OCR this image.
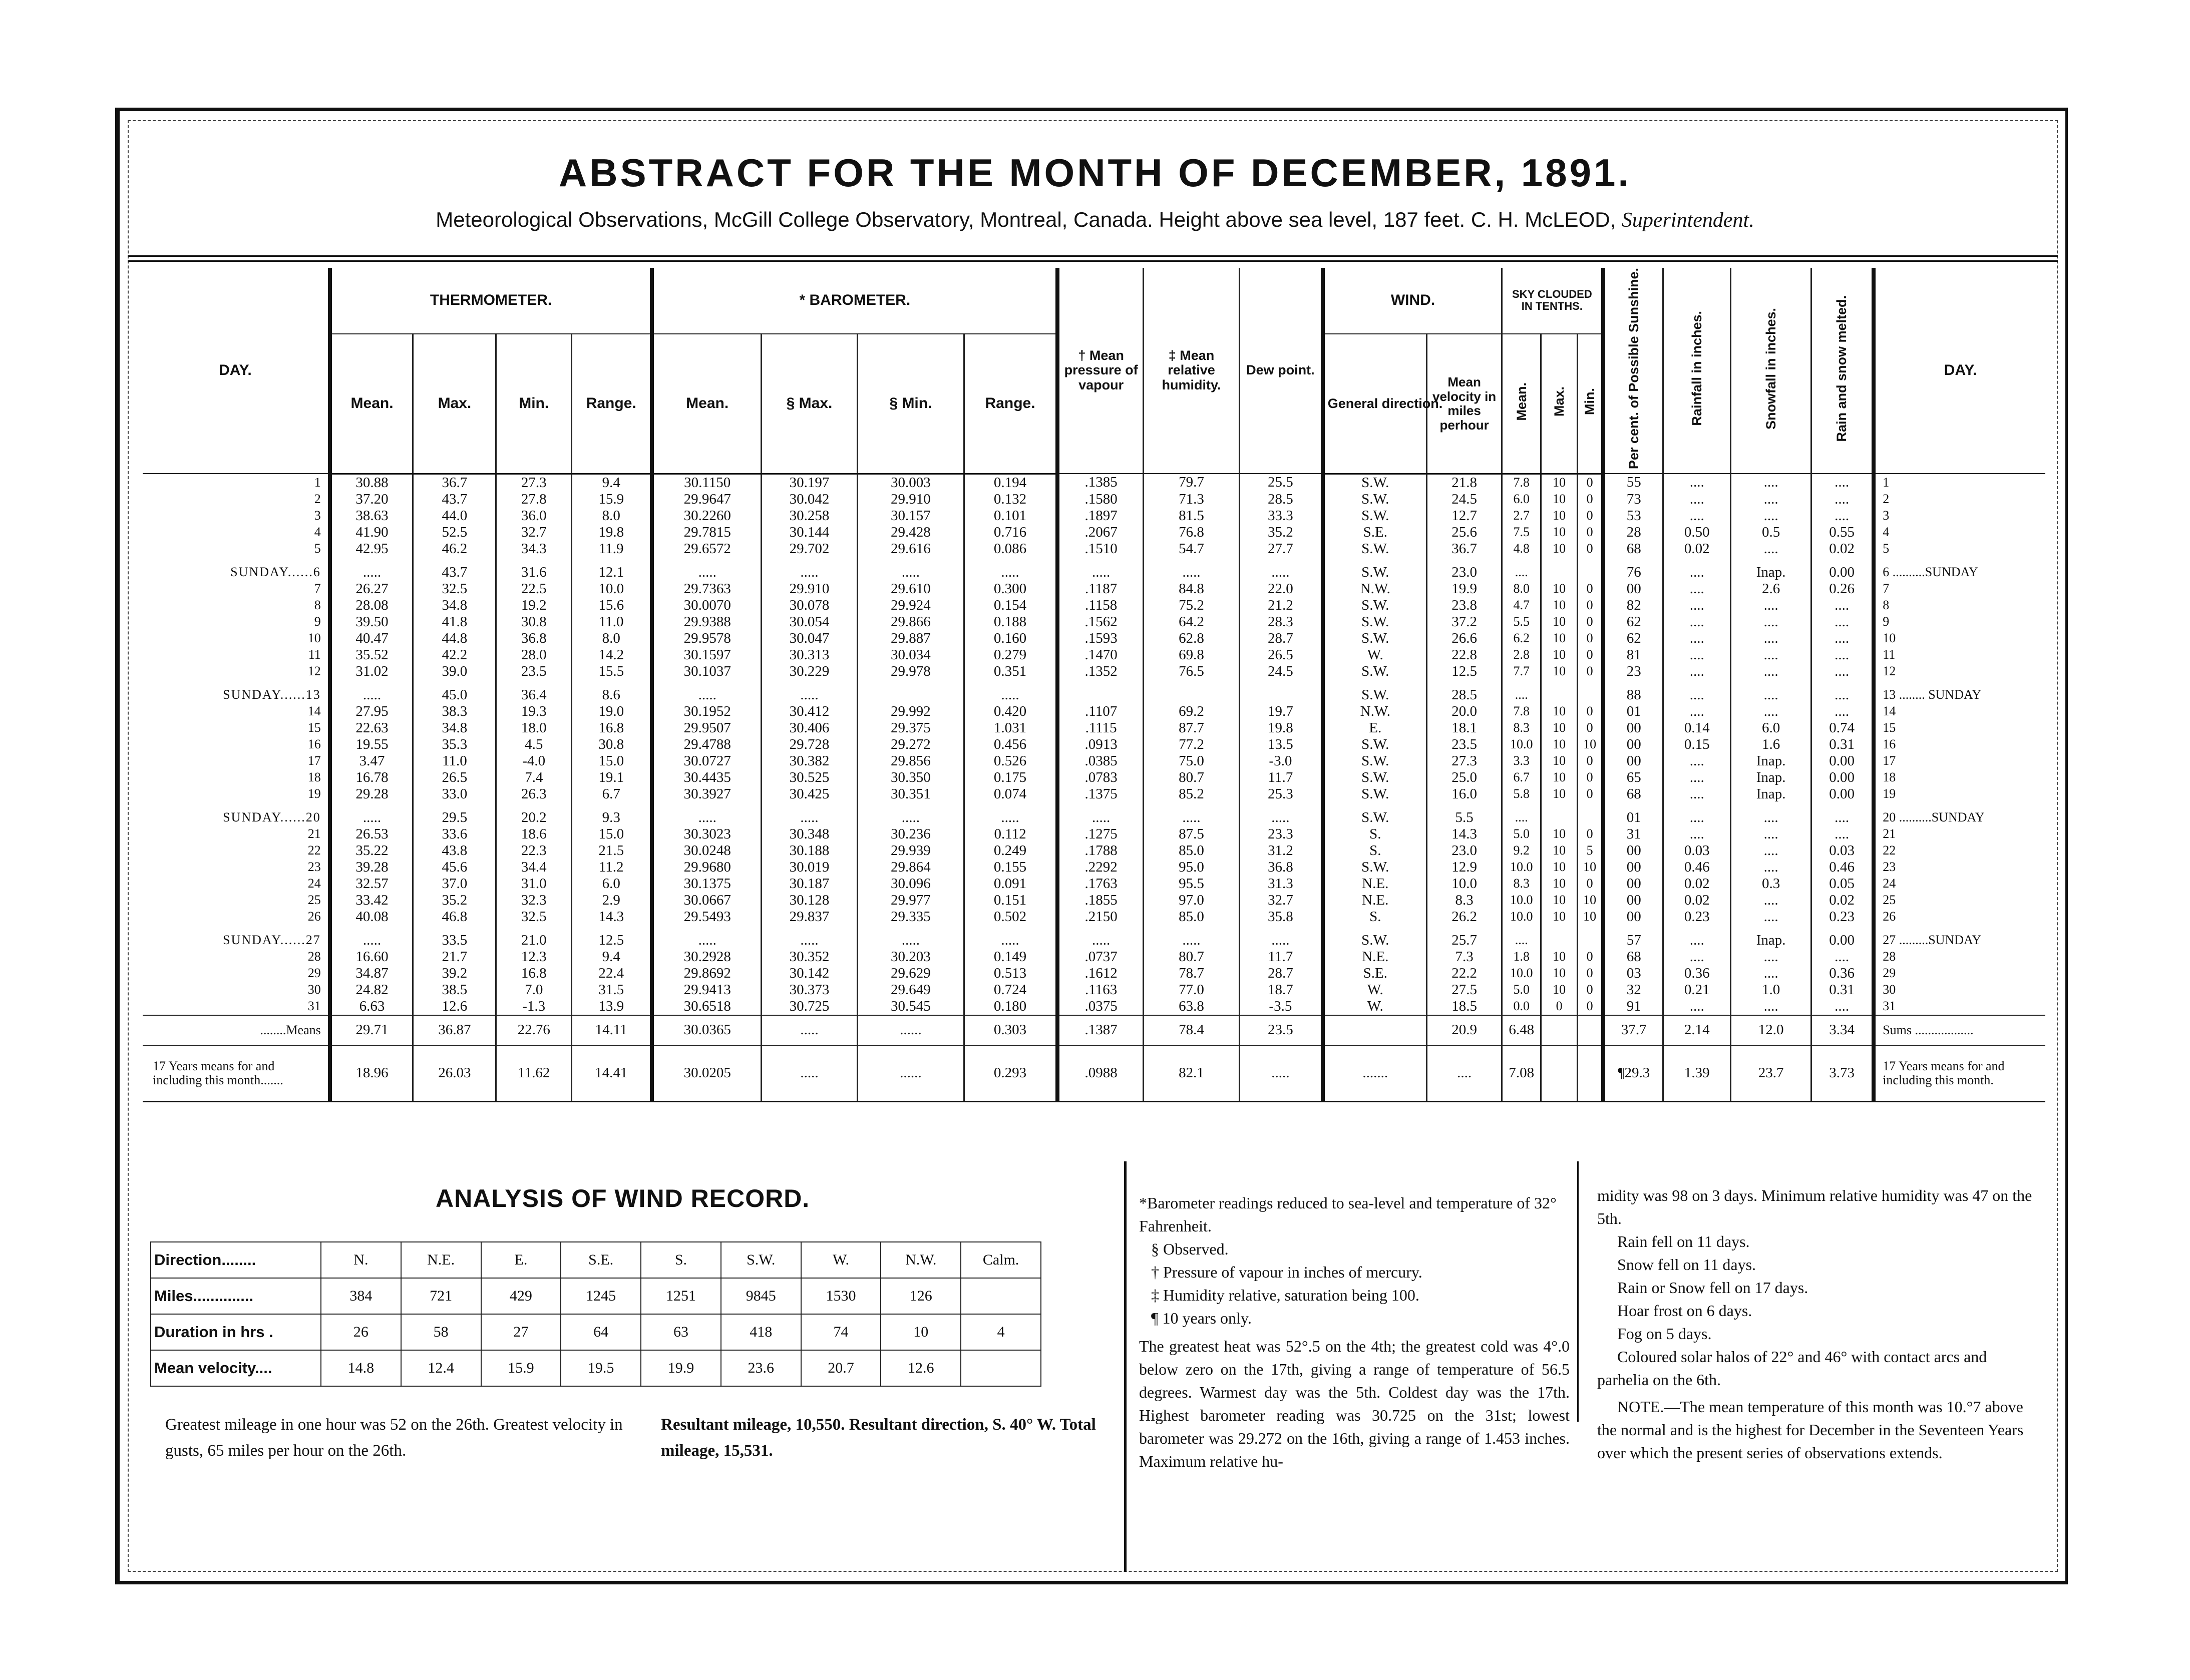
ABSTRACT FOR THE MONTH OF DECEMBER, 1891.
Meteorological Observations, McGill College Observatory, Montreal, Canada. Height above sea level, 187 feet. C. H. McLEOD, Superintendent.
DAY.	THERMOMETER.				* BAROMETER.				† Mean pressure of vapour	‡ Mean relative humidity.	Dew point.	WIND.		SKY CLOUDED IN TENTHS.			Per cent. of Possible Sunshine.	Rainfall in inches.	Snowfall in inches.	Rain and snow melted.	DAY.
	Mean.	Max.	Min.	Range.	Mean.	§ Max.	§ Min.	Range.				General direction.	Mean velocity in miles perhour	Mean.	Max.	Min.					
1	30.88	36.7	27.3	9.4	30.1150	30.197	30.003	0.194	.1385	79.7	25.5	S.W.	21.8	7.8	10	0	55	....	....	....	1
2	37.20	43.7	27.8	15.9	29.9647	30.042	29.910	0.132	.1580	71.3	28.5	S.W.	24.5	6.0	10	0	73	....	....	....	2
3	38.63	44.0	36.0	8.0	30.2260	30.258	30.157	0.101	.1897	81.5	33.3	S.W.	12.7	2.7	10	0	53	....	....	....	3
4	41.90	52.5	32.7	19.8	29.7815	30.144	29.428	0.716	.2067	76.8	35.2	S.E.	25.6	7.5	10	0	28	0.50	0.5	0.55	4
5	42.95	46.2	34.3	11.9	29.6572	29.702	29.616	0.086	.1510	54.7	27.7	S.W.	36.7	4.8	10	0	68	0.02	....	0.02	5

SUNDAY......6	.....	43.7	31.6	12.1	.....	.....	.....	.....	.....	.....	.....	S.W.	23.0	....			76	....	Inap.	0.00	6 ..........SUNDAY
7	26.27	32.5	22.5	10.0	29.7363	29.910	29.610	0.300	.1187	84.8	22.0	N.W.	19.9	8.0	10	0	00	....	2.6	0.26	7
8	28.08	34.8	19.2	15.6	30.0070	30.078	29.924	0.154	.1158	75.2	21.2	S.W.	23.8	4.7	10	0	82	....	....	....	8
9	39.50	41.8	30.8	11.0	29.9388	30.054	29.866	0.188	.1562	64.2	28.3	S.W.	37.2	5.5	10	0	62	....	....	....	9
10	40.47	44.8	36.8	8.0	29.9578	30.047	29.887	0.160	.1593	62.8	28.7	S.W.	26.6	6.2	10	0	62	....	....	....	10
11	35.52	42.2	28.0	14.2	30.1597	30.313	30.034	0.279	.1470	69.8	26.5	W.	22.8	2.8	10	0	81	....	....	....	11
12	31.02	39.0	23.5	15.5	30.1037	30.229	29.978	0.351	.1352	76.5	24.5	S.W.	12.5	7.7	10	0	23	....	....	....	12

SUNDAY......13	.....	45.0	36.4	8.6	.....	.....		.....				S.W.	28.5	....			88	....	....	....	13 ........ SUNDAY
14	27.95	38.3	19.3	19.0	30.1952	30.412	29.992	0.420	.1107	69.2	19.7	N.W.	20.0	7.8	10	0	01	....	....	....	14
15	22.63	34.8	18.0	16.8	29.9507	30.406	29.375	1.031	.1115	87.7	19.8	E.	18.1	8.3	10	0	00	0.14	6.0	0.74	15
16	19.55	35.3	4.5	30.8	29.4788	29.728	29.272	0.456	.0913	77.2	13.5	S.W.	23.5	10.0	10	10	00	0.15	1.6	0.31	16
17	3.47	11.0	-4.0	15.0	30.0727	30.382	29.856	0.526	.0385	75.0	-3.0	S.W.	27.3	3.3	10	0	00	....	Inap.	0.00	17
18	16.78	26.5	7.4	19.1	30.4435	30.525	30.350	0.175	.0783	80.7	11.7	S.W.	25.0	6.7	10	0	65	....	Inap.	0.00	18
19	29.28	33.0	26.3	6.7	30.3927	30.425	30.351	0.074	.1375	85.2	25.3	S.W.	16.0	5.8	10	0	68	....	Inap.	0.00	19

SUNDAY......20	.....	29.5	20.2	9.3	.....	.....	.....	.....	.....	.....	.....	S.W.	5.5	....			01	....	....	....	20 ..........SUNDAY
21	26.53	33.6	18.6	15.0	30.3023	30.348	30.236	0.112	.1275	87.5	23.3	S.	14.3	5.0	10	0	31	....	....	....	21
22	35.22	43.8	22.3	21.5	30.0248	30.188	29.939	0.249	.1788	85.0	31.2	S.	23.0	9.2	10	5	00	0.03	....	0.03	22
23	39.28	45.6	34.4	11.2	29.9680	30.019	29.864	0.155	.2292	95.0	36.8	S.W.	12.9	10.0	10	10	00	0.46	....	0.46	23
24	32.57	37.0	31.0	6.0	30.1375	30.187	30.096	0.091	.1763	95.5	31.3	N.E.	10.0	8.3	10	0	00	0.02	0.3	0.05	24
25	33.42	35.2	32.3	2.9	30.0667	30.128	29.977	0.151	.1855	97.0	32.7	N.E.	8.3	10.0	10	10	00	0.02	....	0.02	25
26	40.08	46.8	32.5	14.3	29.5493	29.837	29.335	0.502	.2150	85.0	35.8	S.	26.2	10.0	10	10	00	0.23	....	0.23	26

SUNDAY......27	.....	33.5	21.0	12.5	.....	.....	.....	.....	.....	.....	.....	S.W.	25.7	....			57	....	Inap.	0.00	27 .........SUNDAY
28	16.60	21.7	12.3	9.4	30.2928	30.352	30.203	0.149	.0737	80.7	11.7	N.E.	7.3	1.8	10	0	68	....	....	....	28
29	34.87	39.2	16.8	22.4	29.8692	30.142	29.629	0.513	.1612	78.7	28.7	S.E.	22.2	10.0	10	0	03	0.36	....	0.36	29
30	24.82	38.5	7.0	31.5	29.9413	30.373	29.649	0.724	.1163	77.0	18.7	W.	27.5	5.0	10	0	32	0.21	1.0	0.31	30
31	6.63	12.6	-1.3	13.9	30.6518	30.725	30.545	0.180	.0375	63.8	-3.5	W.	18.5	0.0	0	0	91	....	....	....	31
........Means	29.71	36.87	22.76	14.11	30.0365	.....	......	0.303	.1387	78.4	23.5		20.9	6.48			37.7	2.14	12.0	3.34	Sums ..................
17 Years means for and including this month.......	18.96	26.03	11.62	14.41	30.0205	.....	......	0.293	.0988	82.1	.....	.......	....	7.08			¶29.3	1.39	23.7	3.73	17 Years means for and including this month.
ANALYSIS OF WIND RECORD.
Direction........	N.	N.E.	E.	S.E.	S.	S.W.	W.	N.W.	Calm.
Miles..............	384	721	429	1245	1251	9845	1530	126	
Duration in hrs .	26	58	27	64	63	418	74	10	4
Mean velocity....	14.8	12.4	15.9	19.5	19.9	23.6	20.7	12.6	
Greatest mileage in one hour was 52 on the 26th. Greatest velocity in gusts, 65 miles per hour on the 26th.
Resultant mileage, 10,550. Resultant direction, S. 40° W. Total mileage, 15,531.
*Barometer readings reduced to sea-level and temperature of 32° Fahrenheit.
§ Observed.
† Pressure of vapour in inches of mercury.
‡ Humidity relative, saturation being 100.
¶ 10 years only.
The greatest heat was 52°.5 on the 4th; the greatest cold was 4°.0 below zero on the 17th, giving a range of temperature of 56.5 degrees. Warmest day was the 5th. Coldest day was the 17th. Highest barometer reading was 30.725 on the 31st; lowest barometer was 29.272 on the 16th, giving a range of 1.453 inches. Maximum relative hu-
midity was 98 on 3 days. Minimum relative humidity was 47 on the 5th.
Rain fell on 11 days.
Snow fell on 11 days.
Rain or Snow fell on 17 days.
Hoar frost on 6 days.
Fog on 5 days.
Coloured solar halos of 22° and 46° with contact arcs and parhelia on the 6th.
NOTE.—The mean temperature of this month was 10.°7 above the normal and is the highest for December in the Seventeen Years over which the present series of observations extends.
